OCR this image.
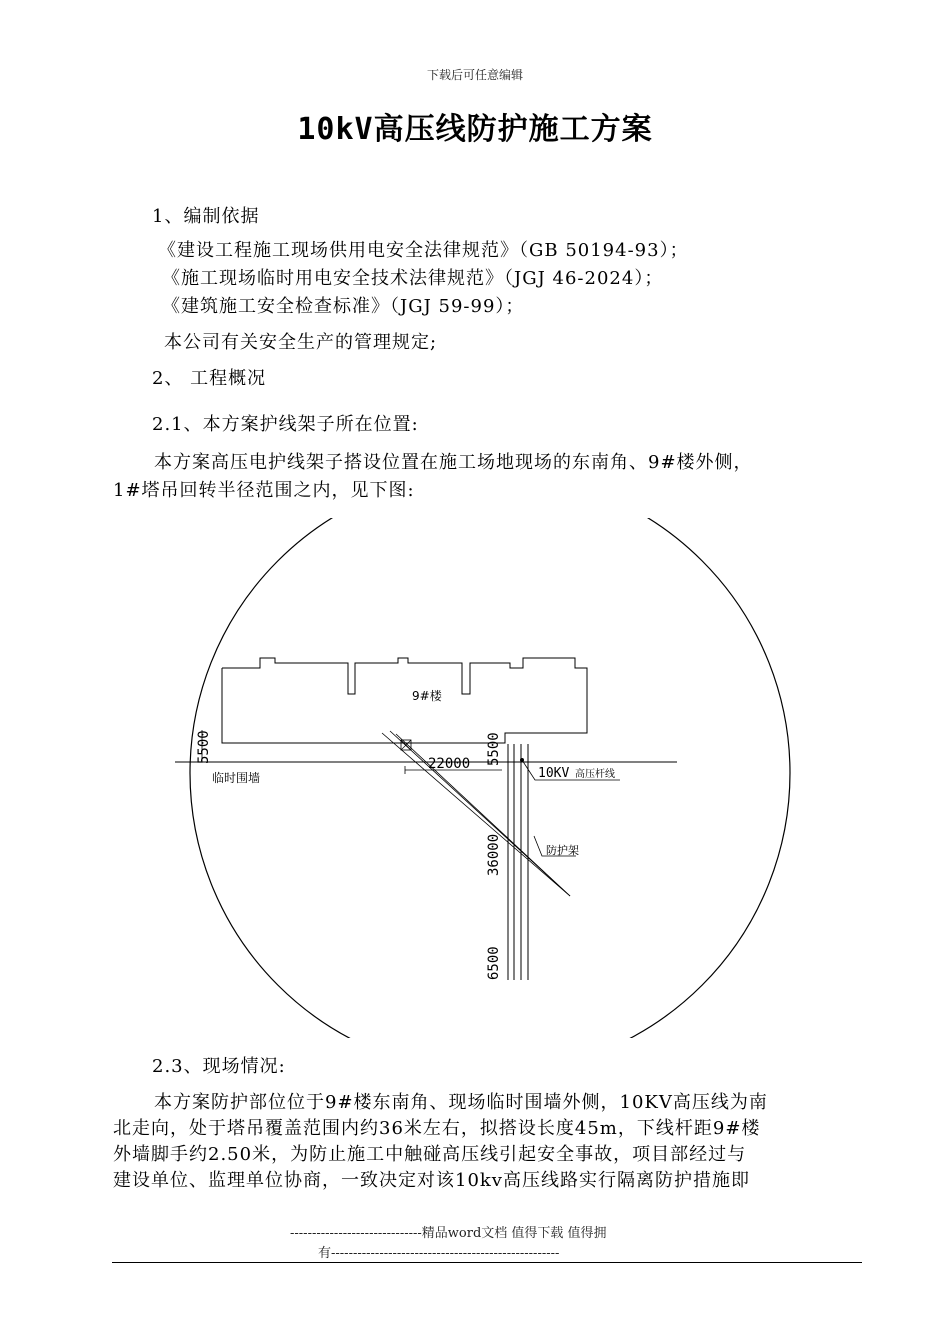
下载后可任意编辑
10kV高压线防护施工方案
1、编制依据
《建设工程施工现场供用电安全法律规范》（GB 50194-93）；
《施工现场临时用电安全技术法律规范》（JGJ 46-2024）；
《建筑施工安全检查标准》（JGJ 59-99）；
本公司有关安全生产的管理规定;
2、 工程概况
2.1、本方案护线架子所在位置:
本方案高压电护线架子搭设位置在施工场地现场的东南角、9#楼外侧，
1#塔吊回转半径范围之内，见下图:
9#楼
临时围墙
5500	22000 5500
10KV 高压杆线
36000	防护架
6500
2.3、现场情况:
本方案防护部位位于9#楼东南角、现场临时围墙外侧，10KV高压线为南
北走向，处于塔吊覆盖范围内约36米左右，拟搭设长度45m，下线杆距9#楼
外墙脚手约2.50米，为防止施工中触碰高压线引起安全事故，项目部经过与
建设单位、监理单位协商，一致决定对该10kv高压线路实行隔离防护措施即
------------------------------精品word文档 值得下载 值得拥
有----------------------------------------------------
